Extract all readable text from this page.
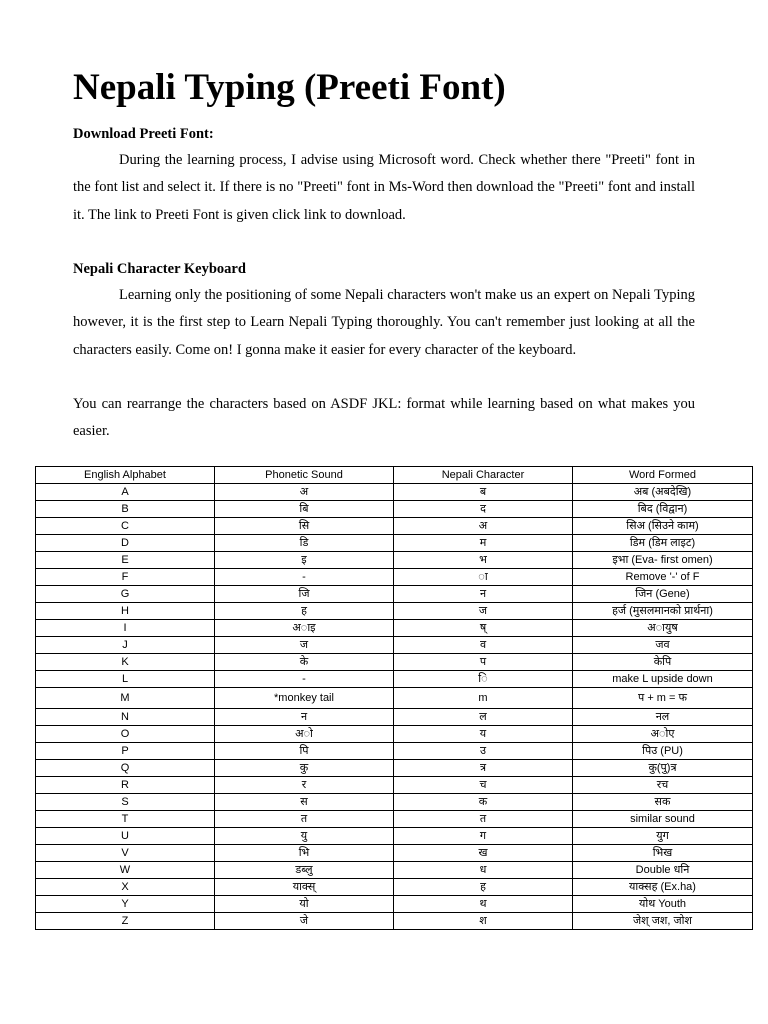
Nepali Typing (Preeti Font)

Download Preeti Font:

During the learning process, I advise using Microsoft word. Check whether there "Preeti" font in the font list and select it. If there is no "Preeti" font in Ms-Word then download the "Preeti" font and install it. The link to Preeti Font is given click link to download.

Nepali Character Keyboard

Learning only the positioning of some Nepali characters won't make us an expert on Nepali Typing however, it is the first step to Learn Nepali Typing thoroughly. You can't remember just looking at all the characters easily. Come on! I gonna make it easier for every character of the keyboard.

You can rearrange the characters based on ASDF JKL: format while learning based on what makes you easier.

English Alphabet	Phonetic Sound	Nepali Character	Word Formed
A	अ	ब	अब (अबदेखि)
B	बि	द	बिद (विद्वान)
C	सि	अ	सिअ (सिउने काम)
D	डि	म	डिम (डिम लाइट)
E	इ	भ	इभा (Eva- first omen)
F	-	ा	Remove '-' of F
G	जि	न	जिन (Gene)
H	ह	ज	हर्ज (मुसलमानको प्रार्थना)
I	अाइ	ष्	अायुष
J	ज	व	जव
K	के	प	केपि
L	-	ि	make L upside down
M	*monkey tail	m	प + m = फ
N	न	ल	नल
O	अो	य	अोए
P	पि	उ	पिउ (PU)
Q	कु	त्र	कु(पु)त्र
R	र	च	रच
S	स	क	सक
T	त	त	similar sound
U	यु	ग	युग
V	भि	ख	भिख
W	डब्लु	ध	Double धनि
X	याक्स्	ह	याक्सह (Ex.ha)
Y	यो	थ	योथ Youth
Z	जे	श	जेश् जश, जोश
